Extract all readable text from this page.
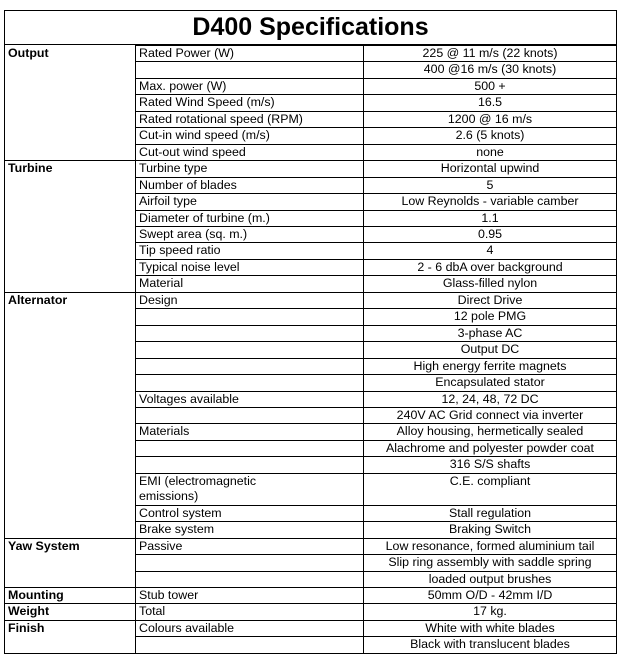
D400 Specifications
Output	Rated Power (W)	225 @ 11 m/s (22 knots)
		400 @16 m/s (30 knots)
	Max. power (W)	500 +
	Rated Wind Speed (m/s)	16.5
	Rated rotational speed (RPM)	1200 @ 16 m/s
	Cut-in wind speed (m/s)	2.6 (5 knots)
	Cut-out wind speed	none
Turbine	Turbine type	Horizontal upwind
	Number of blades	5
	Airfoil type	Low Reynolds - variable camber
	Diameter of turbine (m.)	1.1
	Swept area (sq. m.)	0.95
	Tip speed ratio	4
	Typical noise level	2 - 6 dbA over background
	Material	Glass-filled nylon
Alternator	Design	Direct Drive
		12 pole PMG
		3-phase AC
		Output DC
		High energy ferrite magnets
		Encapsulated stator
	Voltages available	12, 24, 48, 72 DC
		240V AC Grid connect via inverter
	Materials	Alloy housing, hermetically sealed
		Alachrome and polyester powder coat
		316 S/S shafts
	EMI (electromagnetic	C.E. compliant
	emissions)	
	Control system	Stall regulation
	Brake system	Braking Switch
Yaw System	Passive	Low resonance, formed aluminium tail
		Slip ring assembly with saddle spring
		loaded output brushes
Mounting	Stub tower	50mm O/D - 42mm I/D
Weight	Total	17 kg.
Finish	Colours available	White with white blades
		Black with translucent blades
